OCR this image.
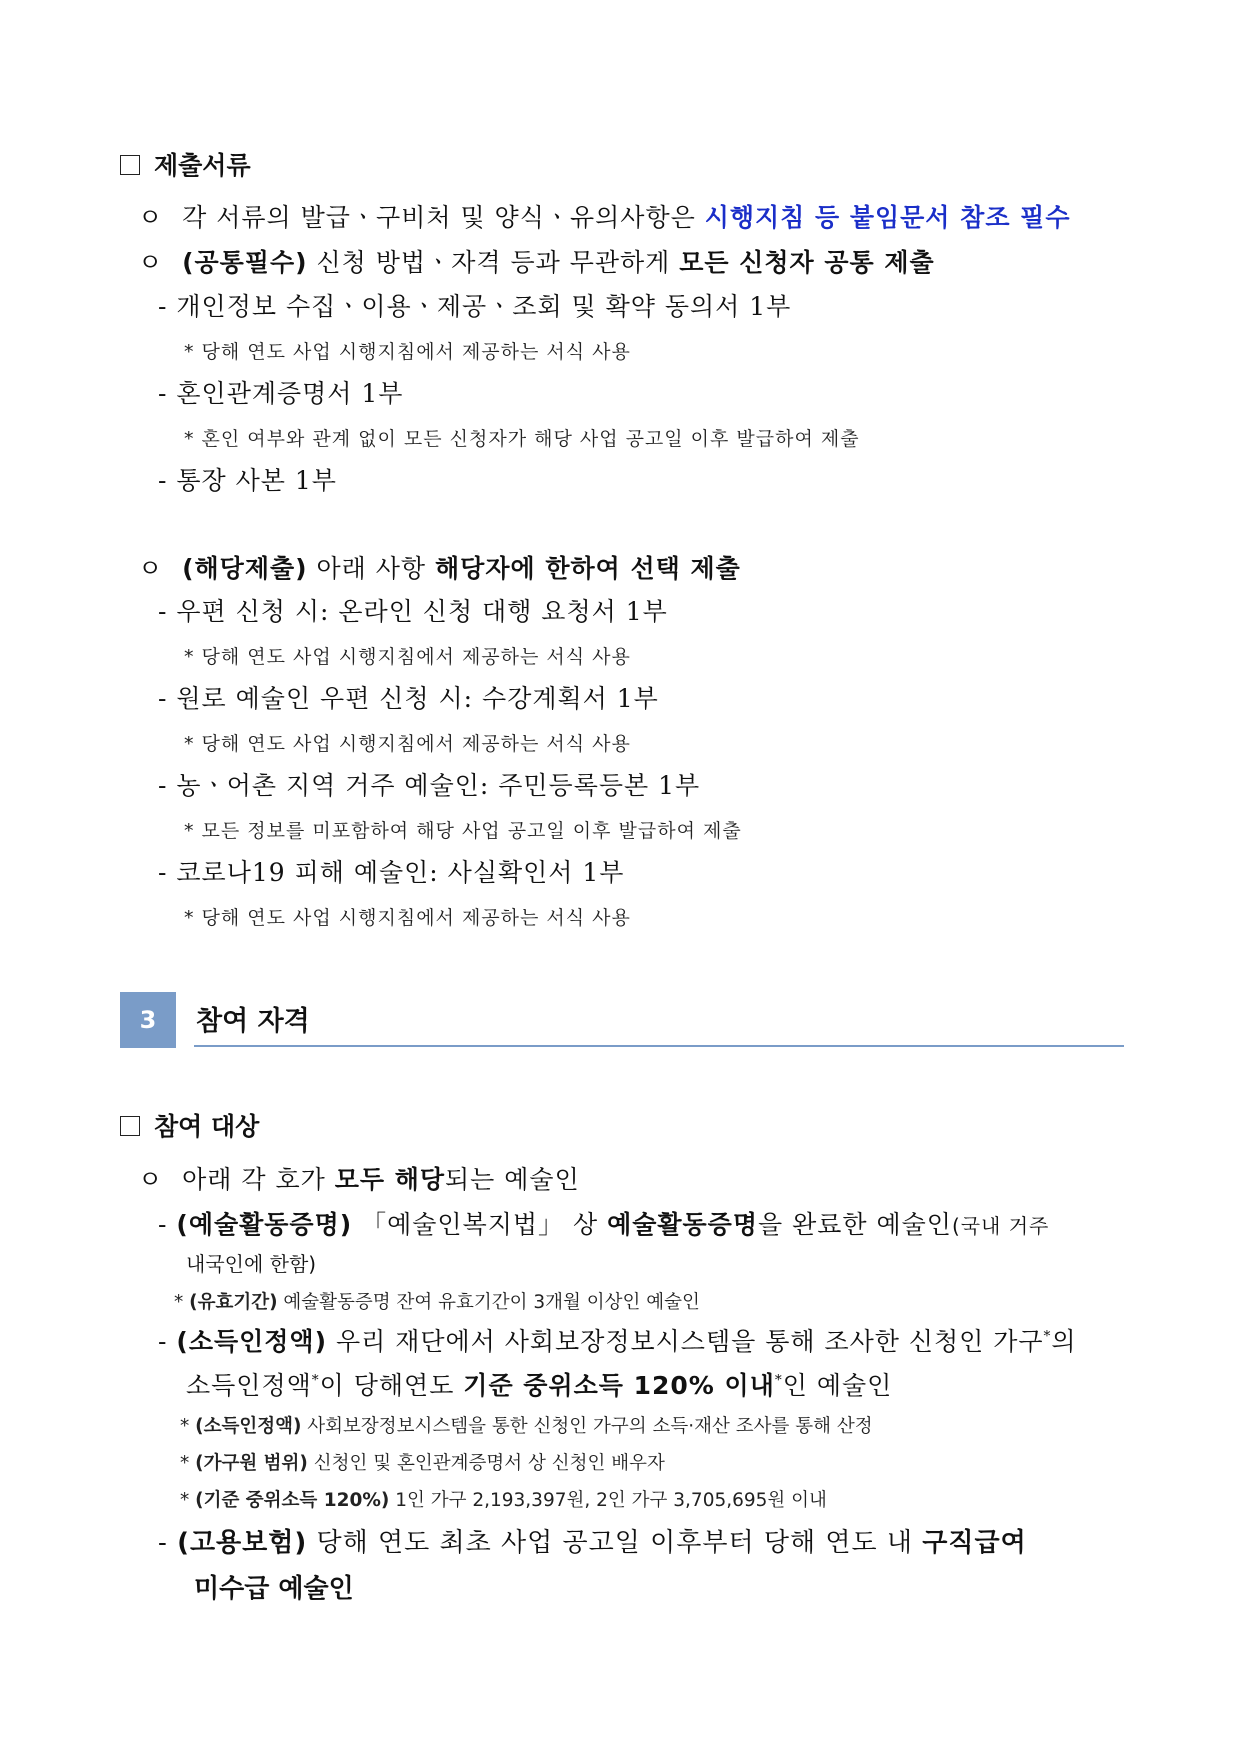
제출서류
ㅇ 각 서류의 발급ㆍ구비처 및 양식ㆍ유의사항은 시행지침 등 붙임문서 참조 필수
ㅇ (공통필수) 신청 방법ㆍ자격 등과 무관하게 모든 신청자 공통 제출
- 개인정보 수집ㆍ이용ㆍ제공ㆍ조회 및 확약 동의서 1부
* 당해 연도 사업 시행지침에서 제공하는 서식 사용
- 혼인관계증명서 1부
* 혼인 여부와 관계 없이 모든 신청자가 해당 사업 공고일 이후 발급하여 제출
- 통장 사본 1부
ㅇ (해당제출) 아래 사항 해당자에 한하여 선택 제출
- 우편 신청 시: 온라인 신청 대행 요청서 1부
* 당해 연도 사업 시행지침에서 제공하는 서식 사용
- 원로 예술인 우편 신청 시: 수강계획서 1부
* 당해 연도 사업 시행지침에서 제공하는 서식 사용
- 농ㆍ어촌 지역 거주 예술인: 주민등록등본 1부
* 모든 정보를 미포함하여 해당 사업 공고일 이후 발급하여 제출
- 코로나19 피해 예술인: 사실확인서 1부
* 당해 연도 사업 시행지침에서 제공하는 서식 사용
3	참여 자격
참여 대상
ㅇ 아래 각 호가 모두 해당되는 예술인
- (예술활동증명) 「예술인복지법」 상 예술활동증명을 완료한 예술인(국내 거주
내국인에 한함)
* (유효기간) 예술활동증명 잔여 유효기간이 3개월 이상인 예술인
- (소득인정액) 우리 재단에서 사회보장정보시스템을 통해 조사한 신청인 가구*의
소득인정액*이 당해연도 기준 중위소득 120% 이내*인 예술인
* (소득인정액) 사회보장정보시스템을 통한 신청인 가구의 소득·재산 조사를 통해 산정
* (가구원 범위) 신청인 및 혼인관계증명서 상 신청인 배우자
* (기준 중위소득 120%) 1인 가구 2,193,397원, 2인 가구 3,705,695원 이내
- (고용보험) 당해 연도 최초 사업 공고일 이후부터 당해 연도 내 구직급여
미수급 예술인
